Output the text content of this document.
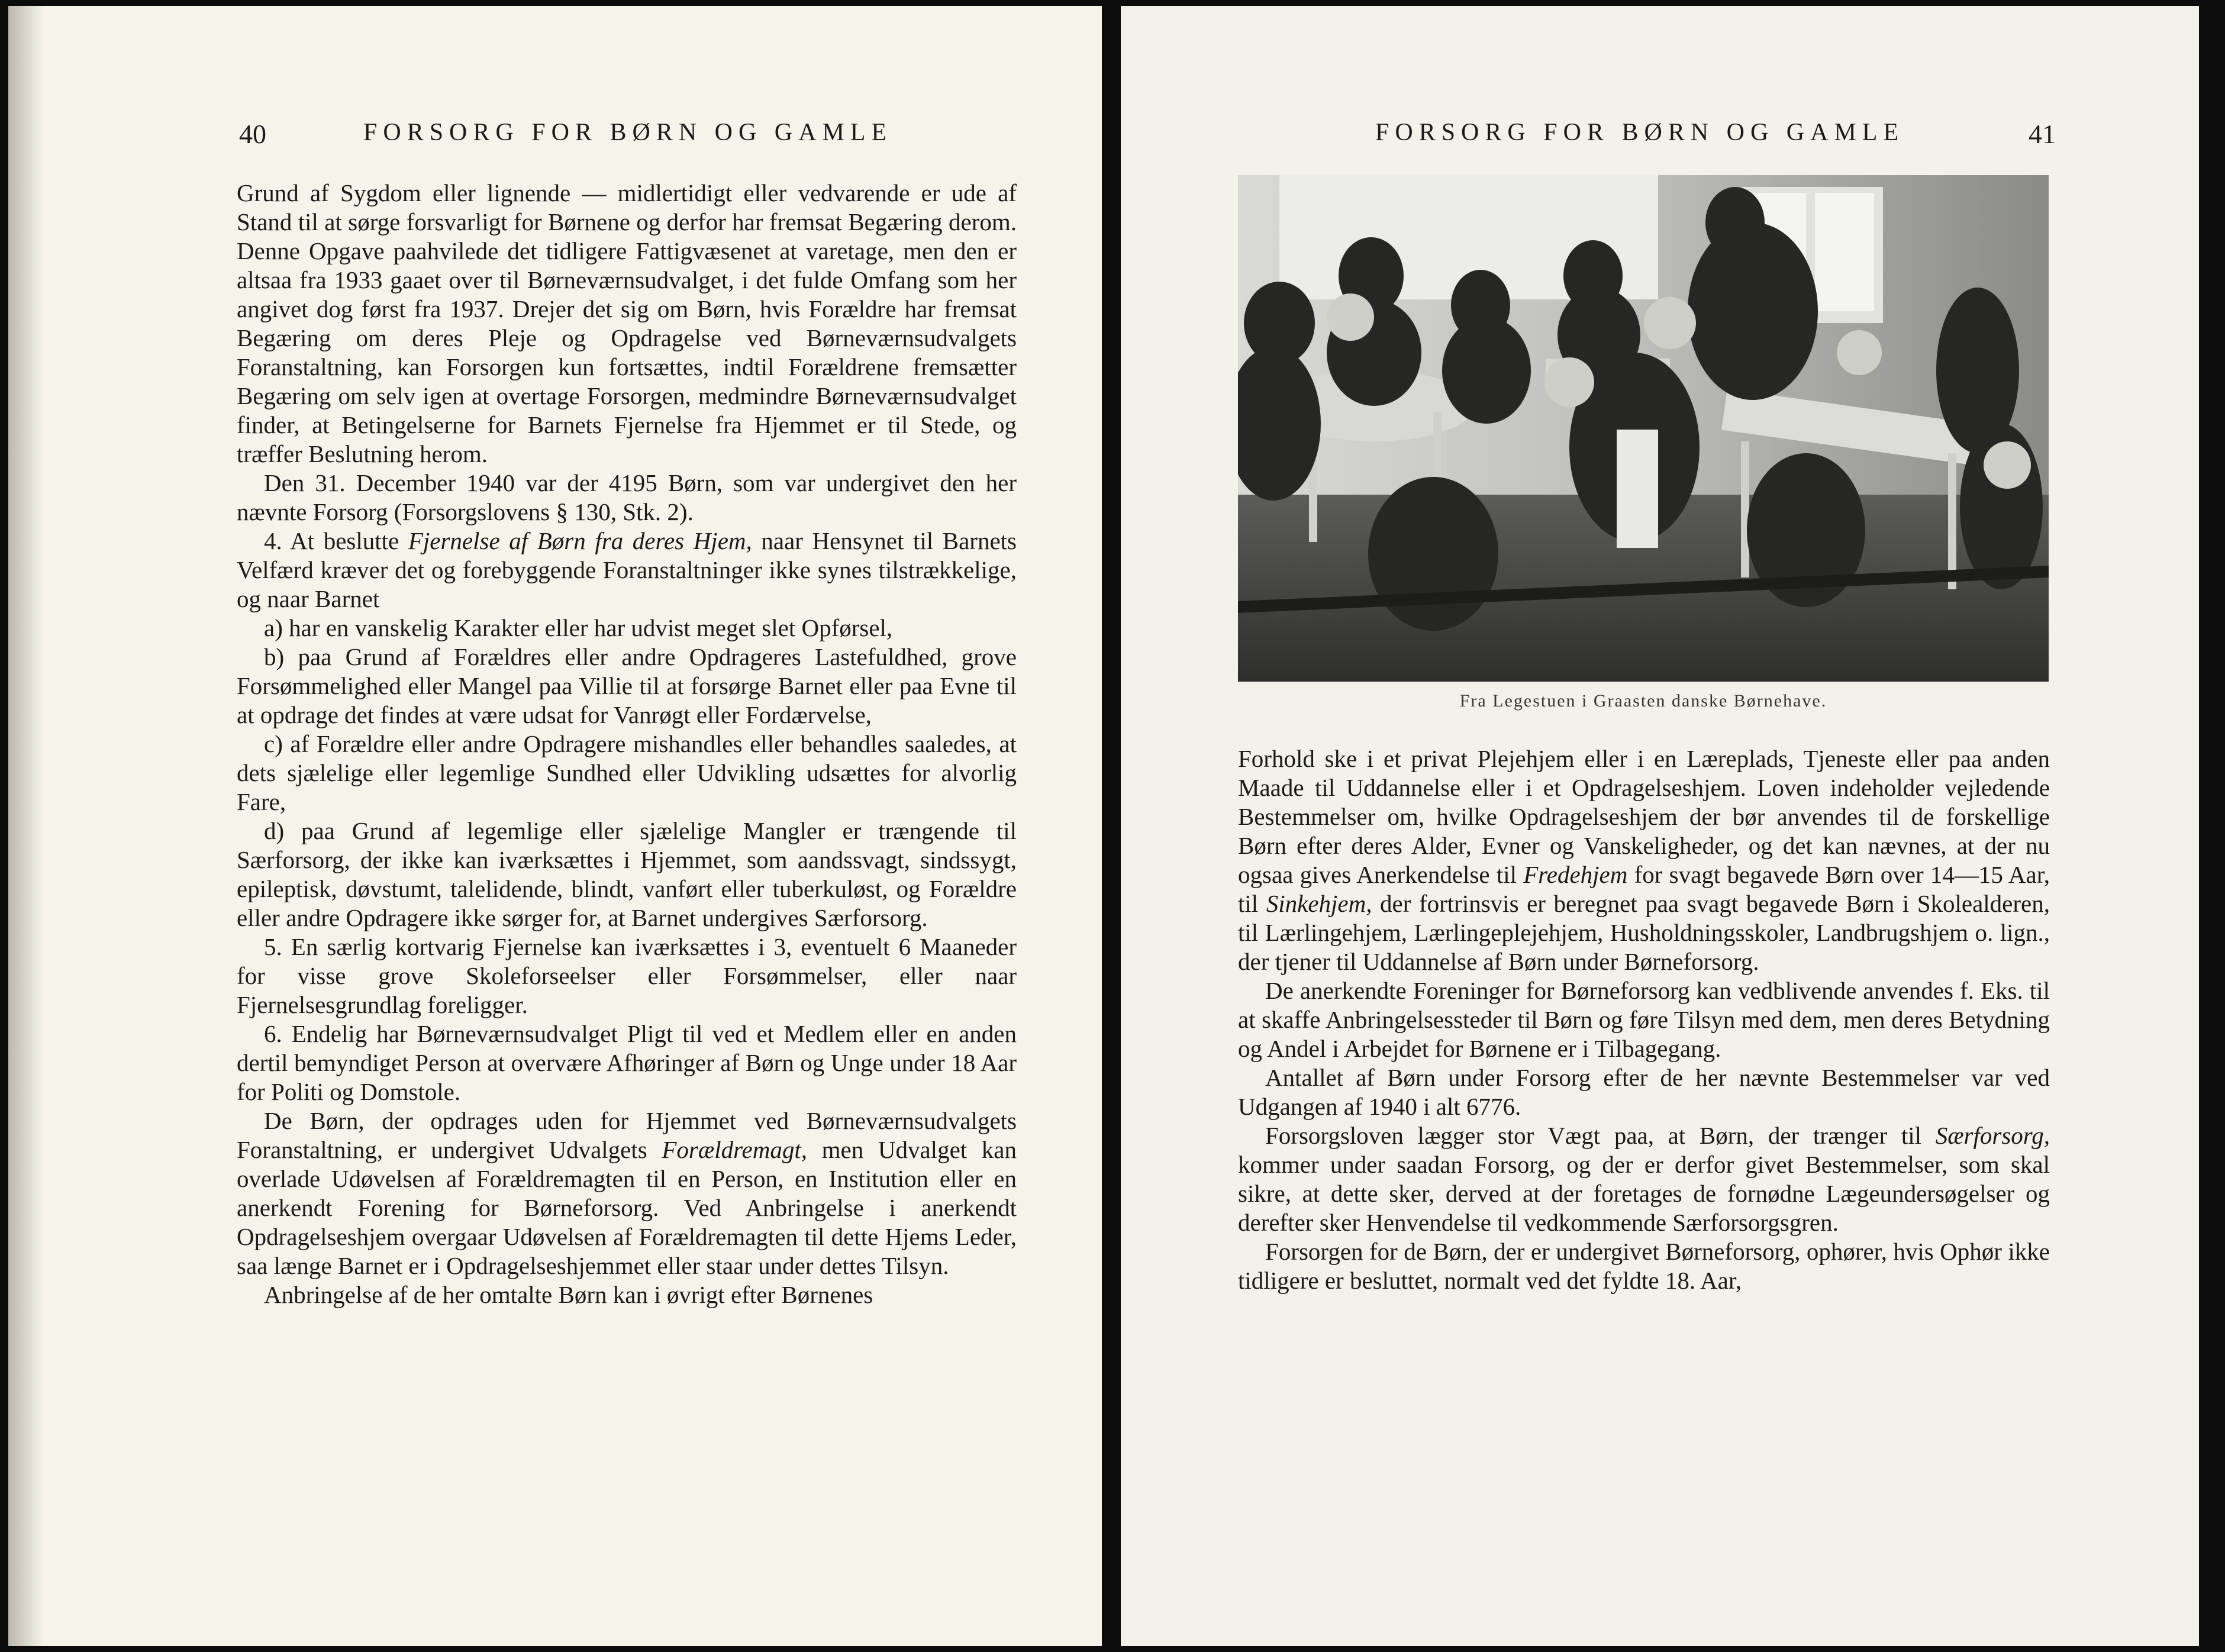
40	FORSORG FOR BØRN OG GAMLE

Grund af Sygdom eller lignende — midlertidigt eller vedvarende er ude af Stand til at sørge forsvarligt for Børnene og derfor har fremsat Begæring derom. Denne Opgave paahvilede det tidligere Fattigvæsenet at varetage, men den er altsaa fra 1933 gaaet over til Børneværnsudvalget, i det fulde Omfang som her angivet dog først fra 1937. Drejer det sig om Børn, hvis Forældre har fremsat Begæring om deres Pleje og Opdragelse ved Børneværnsudvalgets Foranstaltning, kan Forsorgen kun fortsættes, indtil Forældrene fremsætter Begæring om selv igen at overtage Forsorgen, medmindre Børneværnsudvalget finder, at Betingelserne for Barnets Fjernelse fra Hjemmet er til Stede, og træffer Beslutning herom.

Den 31. December 1940 var der 4195 Børn, som var undergivet den her nævnte Forsorg (Forsorgslovens § 130, Stk. 2).

4. At beslutte Fjernelse af Børn fra deres Hjem, naar Hensynet til Barnets Velfærd kræver det og forebyggende Foranstaltninger ikke synes tilstrækkelige, og naar Barnet

a) har en vanskelig Karakter eller har udvist meget slet Opførsel,

b) paa Grund af Forældres eller andre Opdrageres Lastefuldhed, grove Forsømmelighed eller Mangel paa Villie til at forsørge Barnet eller paa Evne til at opdrage det findes at være udsat for Vanrøgt eller Fordærvelse,

c) af Forældre eller andre Opdragere mishandles eller behandles saaledes, at dets sjælelige eller legemlige Sundhed eller Udvikling udsættes for alvorlig Fare,

d) paa Grund af legemlige eller sjælelige Mangler er trængende til Særforsorg, der ikke kan iværksættes i Hjemmet, som aandssvagt, sindssygt, epileptisk, døvstumt, talelidende, blindt, vanført eller tuberkuløst, og Forældre eller andre Opdragere ikke sørger for, at Barnet undergives Særforsorg.

5. En særlig kortvarig Fjernelse kan iværksættes i 3, eventuelt 6 Maaneder for visse grove Skoleforseelser eller Forsømmelser, eller naar Fjernelsesgrundlag foreligger.

6. Endelig har Børneværnsudvalget Pligt til ved et Medlem eller en anden dertil bemyndiget Person at overvære Afhøringer af Børn og Unge under 18 Aar for Politi og Domstole.

De Børn, der opdrages uden for Hjemmet ved Børneværnsudvalgets Foranstaltning, er undergivet Udvalgets Forældremagt, men Udvalget kan overlade Udøvelsen af Forældremagten til en Person, en Institution eller en anerkendt Forening for Børneforsorg. Ved Anbringelse i anerkendt Opdragelseshjem overgaar Udøvelsen af Forældremagten til dette Hjems Leder, saa længe Barnet er i Opdragelseshjemmet eller staar under dettes Tilsyn.

Anbringelse af de her omtalte Børn kan i øvrigt efter Børnenes

FORSORG FOR BØRN OG GAMLE	41
Fra Legestuen i Graasten danske Børnehave.

Forhold ske i et privat Plejehjem eller i en Læreplads, Tjeneste eller paa anden Maade til Uddannelse eller i et Opdragelseshjem. Loven indeholder vejledende Bestemmelser om, hvilke Opdragelseshjem der bør anvendes til de forskellige Børn efter deres Alder, Evner og Vanskeligheder, og det kan nævnes, at der nu ogsaa gives Anerkendelse til Fredehjem for svagt begavede Børn over 14—15 Aar, til Sinkehjem, der fortrinsvis er beregnet paa svagt begavede Børn i Skolealderen, til Lærlingehjem, Lærlingeplejehjem, Husholdningsskoler, Landbrugshjem o. lign., der tjener til Uddannelse af Børn under Børneforsorg.

De anerkendte Foreninger for Børneforsorg kan vedblivende anvendes f. Eks. til at skaffe Anbringelsessteder til Børn og føre Tilsyn med dem, men deres Betydning og Andel i Arbejdet for Børnene er i Tilbagegang.

Antallet af Børn under Forsorg efter de her nævnte Bestemmelser var ved Udgangen af 1940 i alt 6776.

Forsorgsloven lægger stor Vægt paa, at Børn, der trænger til Særforsorg, kommer under saadan Forsorg, og der er derfor givet Bestemmelser, som skal sikre, at dette sker, derved at der foretages de fornødne Lægeundersøgelser og derefter sker Henvendelse til vedkommende Særforsorgsgren.

Forsorgen for de Børn, der er undergivet Børneforsorg, ophører, hvis Ophør ikke tidligere er besluttet, normalt ved det fyldte 18. Aar,
